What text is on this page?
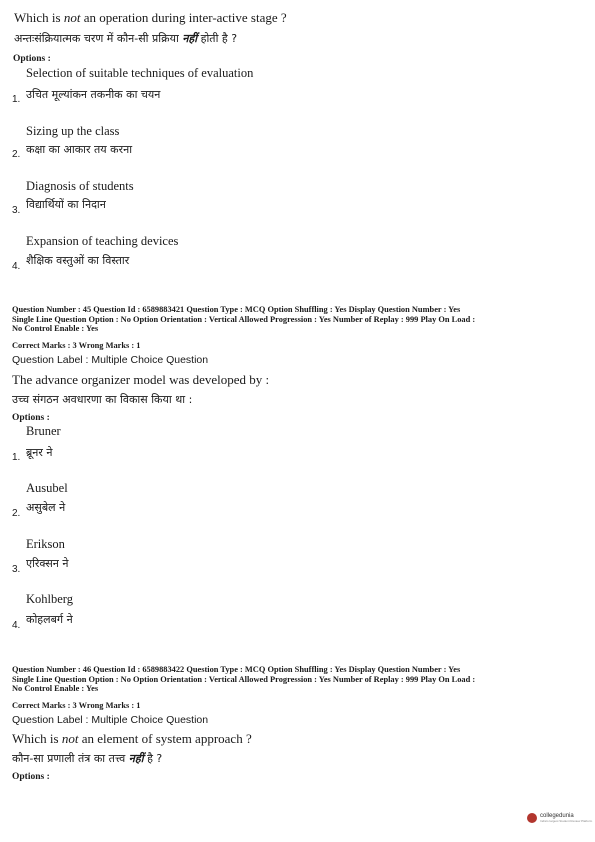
Which is not an operation during inter-active stage ?
अन्तःसंक्रियात्मक चरण में कौन-सी प्रक्रिया नहीं होती है ?
Options :
Selection of suitable techniques of evaluation
1. उचित मूल्यांकन तकनीक का चयन
Sizing up the class
2. कक्षा का आकार तय करना
Diagnosis of students
3. विद्यार्थियों का निदान
Expansion of teaching devices
4. शैक्षिक वस्तुओं का विस्तार
Question Number : 45 Question Id : 6589883421 Question Type : MCQ Option Shuffling : Yes Display Question Number : Yes
Single Line Question Option : No Option Orientation : Vertical Allowed Progression : Yes Number of Replay : 999 Play On Load :
No Control Enable : Yes
Correct Marks : 3 Wrong Marks : 1
Question Label : Multiple Choice Question
The advance organizer model was developed by :
उच्च संगठन अवधारणा का विकास किया था :
Options :
Bruner
1. ब्रूनर ने
Ausubel
2. असुबेल ने
Erikson
3. एरिक्सन ने
Kohlberg
4. कोहलबर्ग ने
Question Number : 46 Question Id : 6589883422 Question Type : MCQ Option Shuffling : Yes Display Question Number : Yes
Single Line Question Option : No Option Orientation : Vertical Allowed Progression : Yes Number of Replay : 999 Play On Load :
No Control Enable : Yes
Correct Marks : 3 Wrong Marks : 1
Question Label : Multiple Choice Question
Which is not an element of system approach ?
कौन-सा प्रणाली तंत्र का तत्त्व नहीं है ?
Options :
collegedunia
India's largest Student Review Platform
